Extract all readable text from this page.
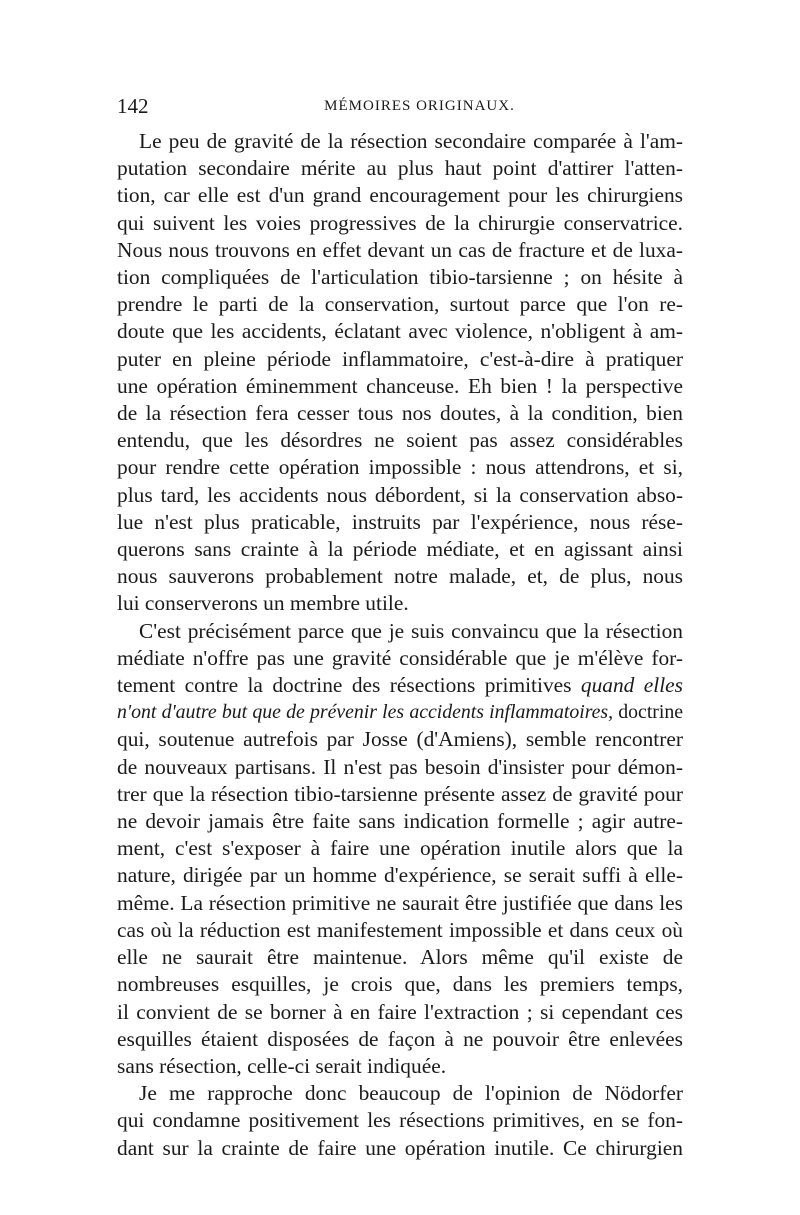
142	MÉMOIRES ORIGINAUX.
Le peu de gravité de la résection secondaire comparée à l'am-
putation secondaire mérite au plus haut point d'attirer l'atten-
tion, car elle est d'un grand encouragement pour les chirurgiens
qui suivent les voies progressives de la chirurgie conservatrice.
Nous nous trouvons en effet devant un cas de fracture et de luxa-
tion compliquées de l'articulation tibio-tarsienne ; on hésite à
prendre le parti de la conservation, surtout parce que l'on re-
doute que les accidents, éclatant avec violence, n'obligent à am-
puter en pleine période inflammatoire, c'est-à-dire à pratiquer
une opération éminemment chanceuse. Eh bien ! la perspective
de la résection fera cesser tous nos doutes, à la condition, bien
entendu, que les désordres ne soient pas assez considérables
pour rendre cette opération impossible : nous attendrons, et si,
plus tard, les accidents nous débordent, si la conservation abso-
lue n'est plus praticable, instruits par l'expérience, nous rése-
querons sans crainte à la période médiate, et en agissant ainsi
nous sauverons probablement notre malade, et, de plus, nous
lui conserverons un membre utile.
C'est précisément parce que je suis convaincu que la résection
médiate n'offre pas une gravité considérable que je m'élève for-
tement contre la doctrine des résections primitives quand elles
n'ont d'autre but que de prévenir les accidents inflammatoires, doctrine
qui, soutenue autrefois par Josse (d'Amiens), semble rencontrer
de nouveaux partisans. Il n'est pas besoin d'insister pour démon-
trer que la résection tibio-tarsienne présente assez de gravité pour
ne devoir jamais être faite sans indication formelle ; agir autre-
ment, c'est s'exposer à faire une opération inutile alors que la
nature, dirigée par un homme d'expérience, se serait suffi à elle-
même. La résection primitive ne saurait être justifiée que dans les
cas où la réduction est manifestement impossible et dans ceux où
elle ne saurait être maintenue. Alors même qu'il existe de
nombreuses esquilles, je crois que, dans les premiers temps,
il convient de se borner à en faire l'extraction ; si cependant ces
esquilles étaient disposées de façon à ne pouvoir être enlevées
sans résection, celle-ci serait indiquée.
Je me rapproche donc beaucoup de l'opinion de Nödorfer
qui condamne positivement les résections primitives, en se fon-
dant sur la crainte de faire une opération inutile. Ce chirurgien
